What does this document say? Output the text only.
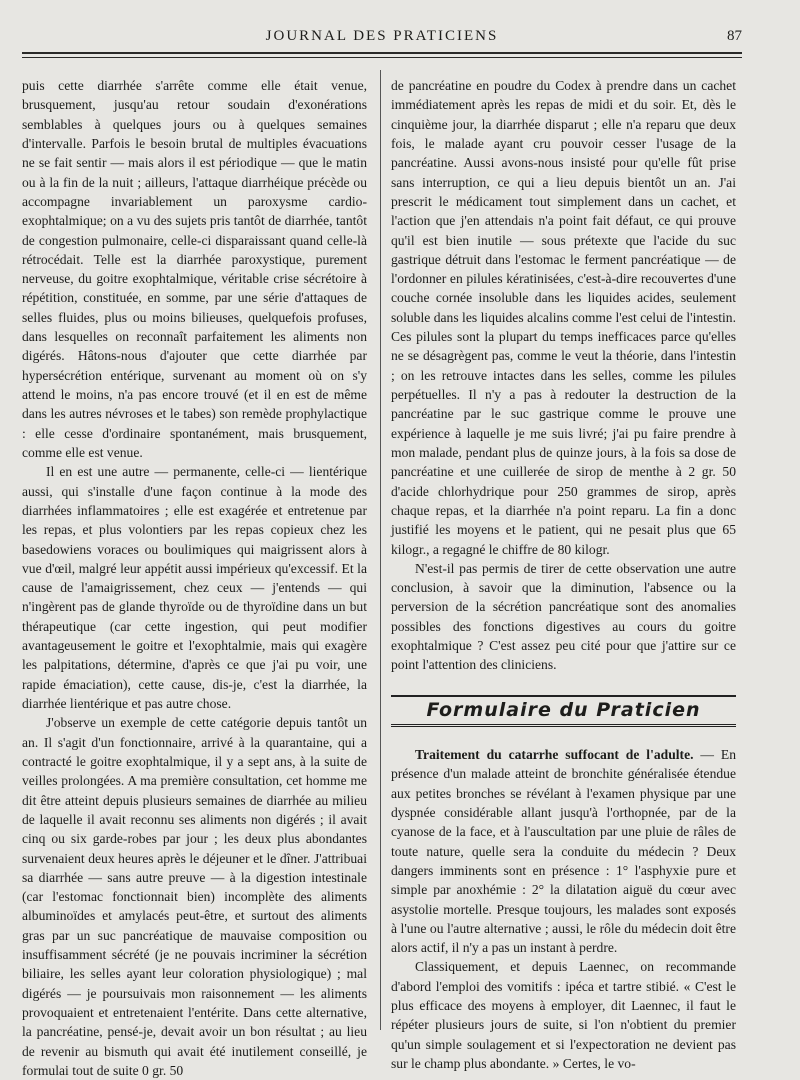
JOURNAL DES PRATICIENS	87

puis cette diarrhée s'arrête comme elle était venue, brusquement, jusqu'au retour soudain d'exonérations semblables à quelques jours ou à quelques semaines d'intervalle. Parfois le besoin brutal de multiples évacuations ne se fait sentir — mais alors il est périodique — que le matin ou à la fin de la nuit ; ailleurs, l'attaque diarrhéique précède ou accompagne invariablement un paroxysme cardio-exophtalmique; on a vu des sujets pris tantôt de diarrhée, tantôt de congestion pulmonaire, celle-ci disparaissant quand celle-là rétrocédait. Telle est la diarrhée paroxystique, purement nerveuse, du goitre exophtalmique, véritable crise sécrétoire à répétition, constituée, en somme, par une série d'attaques de selles fluides, plus ou moins bilieuses, quelquefois profuses, dans lesquelles on reconnaît parfaitement les aliments non digérés. Hâtons-nous d'ajouter que cette diarrhée par hypersécrétion entérique, survenant au moment où on s'y attend le moins, n'a pas encore trouvé (et il en est de même dans les autres névroses et le tabes) son remède prophylactique : elle cesse d'ordinaire spontanément, mais brusquement, comme elle est venue.

Il en est une autre — permanente, celle-ci — lientérique aussi, qui s'installe d'une façon continue à la mode des diarrhées inflammatoires ; elle est exagérée et entretenue par les repas, et plus volontiers par les repas copieux chez les basedowiens voraces ou boulimiques qui maigrissent alors à vue d'œil, malgré leur appétit aussi impérieux qu'excessif. Et la cause de l'amaigrissement, chez ceux — j'entends — qui n'ingèrent pas de glande thyroïde ou de thyroïdine dans un but thérapeutique (car cette ingestion, qui peut modifier avantageusement le goitre et l'exophtalmie, mais qui exagère les palpitations, détermine, d'après ce que j'ai pu voir, une rapide émaciation), cette cause, dis-je, c'est la diarrhée, la diarrhée lientérique et pas autre chose.

J'observe un exemple de cette catégorie depuis tantôt un an. Il s'agit d'un fonctionnaire, arrivé à la quarantaine, qui a contracté le goitre exophtalmique, il y a sept ans, à la suite de veilles prolongées. A ma première consultation, cet homme me dit être atteint depuis plusieurs semaines de diarrhée au milieu de laquelle il avait reconnu ses aliments non digérés ; il avait cinq ou six garde-robes par jour ; les deux plus abondantes survenaient deux heures après le déjeuner et le dîner. J'attribuai sa diarrhée — sans autre preuve — à la digestion intestinale (car l'estomac fonctionnait bien) incomplète des aliments albuminoïdes et amylacés peut-être, et surtout des aliments gras par un suc pancréatique de mauvaise composition ou insuffisamment sécrété (je ne pouvais incriminer la sécrétion biliaire, les selles ayant leur coloration physiologique) ; mal digérés — je poursuivais mon raisonnement — les aliments provoquaient et entretenaient l'entérite. Dans cette alternative, la pancréatine, pensé-je, devait avoir un bon résultat ; au lieu de revenir au bismuth qui avait été inutilement conseillé, je formulai tout de suite 0 gr. 50

de pancréatine en poudre du Codex à prendre dans un cachet immédiatement après les repas de midi et du soir. Et, dès le cinquième jour, la diarrhée disparut ; elle n'a reparu que deux fois, le malade ayant cru pouvoir cesser l'usage de la pancréatine. Aussi avons-nous insisté pour qu'elle fût prise sans interruption, ce qui a lieu depuis bientôt un an. J'ai prescrit le médicament tout simplement dans un cachet, et l'action que j'en attendais n'a point fait défaut, ce qui prouve qu'il est bien inutile — sous prétexte que l'acide du suc gastrique détruit dans l'estomac le ferment pancréatique — de l'ordonner en pilules kératinisées, c'est-à-dire recouvertes d'une couche cornée insoluble dans les liquides acides, seulement soluble dans les liquides alcalins comme l'est celui de l'intestin. Ces pilules sont la plupart du temps inefficaces parce qu'elles ne se désagrègent pas, comme le veut la théorie, dans l'intestin ; on les retrouve intactes dans les selles, comme les pilules perpétuelles. Il n'y a pas à redouter la destruction de la pancréatine par le suc gastrique comme le prouve une expérience à laquelle je me suis livré; j'ai pu faire prendre à mon malade, pendant plus de quinze jours, à la fois sa dose de pancréatine et une cuillerée de sirop de menthe à 2 gr. 50 d'acide chlorhydrique pour 250 grammes de sirop, après chaque repas, et la diarrhée n'a point reparu. La fin a donc justifié les moyens et le patient, qui ne pesait plus que 65 kilogr., a regagné le chiffre de 80 kilogr.

N'est-il pas permis de tirer de cette observation une autre conclusion, à savoir que la diminution, l'absence ou la perversion de la sécrétion pancréatique sont des anomalies possibles des fonctions digestives au cours du goitre exophtalmique ? C'est assez peu cité pour que j'attire sur ce point l'attention des cliniciens.

Formulaire du Praticien

Traitement du catarrhe suffocant de l'adulte. — En présence d'un malade atteint de bronchite généralisée étendue aux petites bronches se révélant à l'examen physique par une dyspnée considérable allant jusqu'à l'orthopnée, par de la cyanose de la face, et à l'auscultation par une pluie de râles de toute nature, quelle sera la conduite du médecin ? Deux dangers imminents sont en présence : 1° l'asphyxie pure et simple par anoxhémie : 2° la dilatation aiguë du cœur avec asystolie mortelle. Presque toujours, les malades sont exposés à l'une ou l'autre alternative ; aussi, le rôle du médecin doit être alors actif, il n'y a pas un instant à perdre.

Classiquement, et depuis Laennec, on recommande d'abord l'emploi des vomitifs : ipéca et tartre stibié. « C'est le plus efficace des moyens à employer, dit Laennec, il faut le répéter plusieurs jours de suite, si l'on n'obtient du premier qu'un simple soulagement et si l'expectoration ne devient pas sur le champ plus abondante. » Certes, le vo-
